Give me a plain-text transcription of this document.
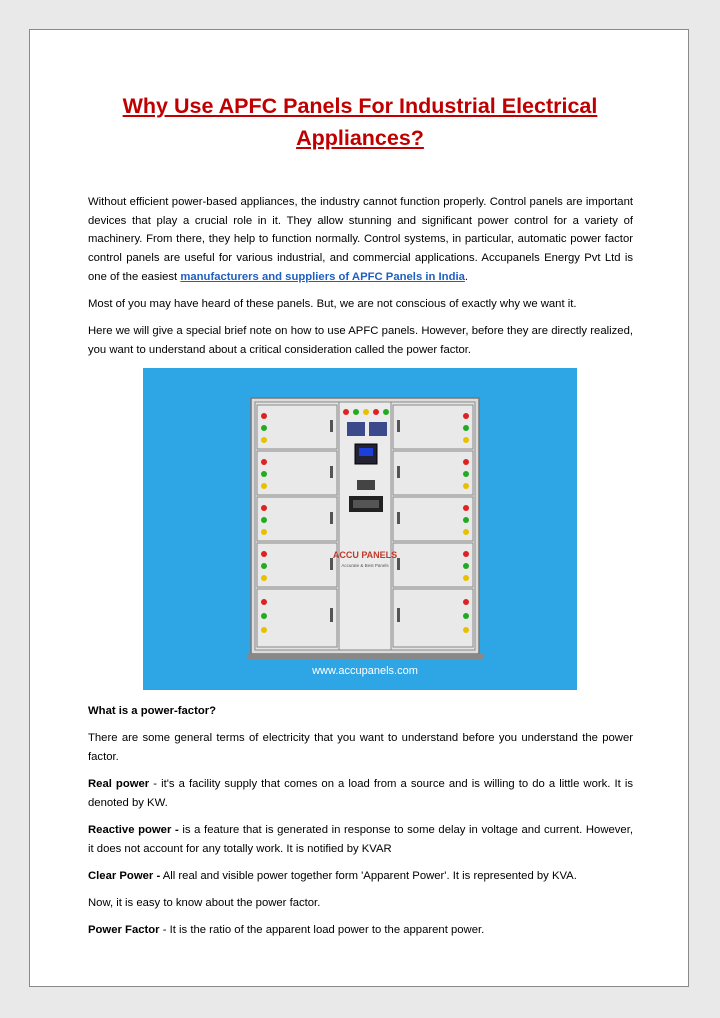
Why Use APFC Panels For Industrial Electrical Appliances?

Without efficient power-based appliances, the industry cannot function properly. Control panels are important devices that play a crucial role in it. They allow stunning and significant power control for a variety of machinery. From there, they help to function normally. Control systems, in particular, automatic power factor control panels are useful for various industrial, and commercial applications. Accupanels Energy Pvt Ltd is one of the easiest manufacturers and suppliers of APFC Panels in India.

Most of you may have heard of these panels. But, we are not conscious of exactly why we want it.

Here we will give a special brief note on how to use APFC panels. However, before they are directly realized, you want to understand about a critical consideration called the power factor.

ACCU PANELS
Accurate & Best Panels
www.accupanels.com

What is a power-factor?

There are some general terms of electricity that you want to understand before you understand the power factor.

Real power - it's a facility supply that comes on a load from a source and is willing to do a little work. It is denoted by KW.

Reactive power - is a feature that is generated in response to some delay in voltage and current. However, it does not account for any totally work. It is notified by KVAR

Clear Power - All real and visible power together form 'Apparent Power'. It is represented by KVA.

Now, it is easy to know about the power factor.

Power Factor - It is the ratio of the apparent load power to the apparent power.
